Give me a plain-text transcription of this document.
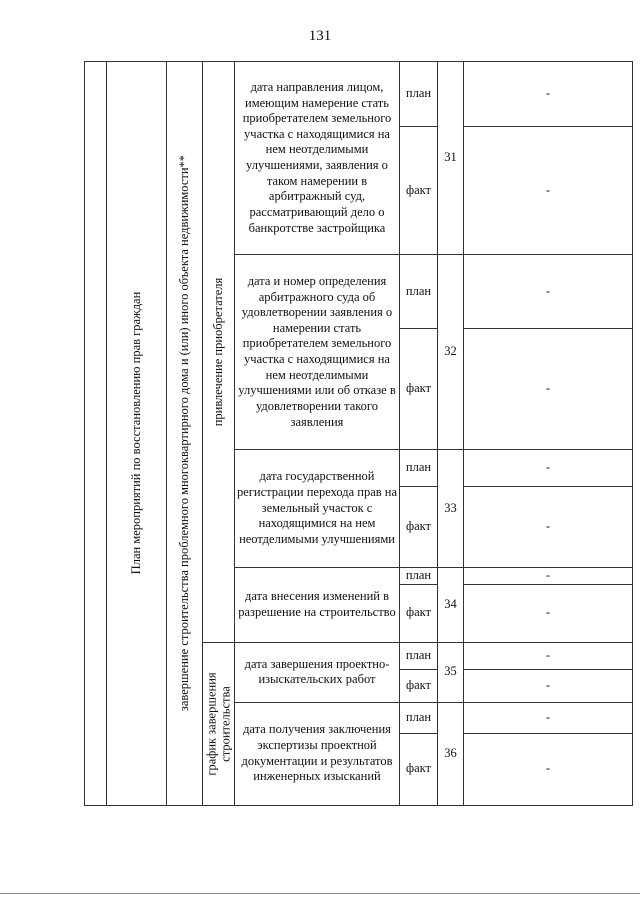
131

	План мероприятий по восстановлению прав граждан	завершение строительства проблемного многоквартирного дома и (или) иного объекта недвижимости**	привлечение приобретателя	дата направления лицом, имеющим намерение стать приобретателем земельного участка с находящимися на нем неотделимыми улучшениями, заявления о таком намерении в арбитражный суд, рассматривающий дело о банкротстве застройщика	план	31	-
					факт		-
				дата и номер определения арбитражного суда об удовлетворении заявления о намерении стать приобретателем земельного участка с находящимися на нем неотделимыми улучшениями или об отказе в удовлетворении такого заявления	план	32	-
					факт		-
				дата государственной регистрации перехода прав на земельный участок с находящимися на нем неотделимыми улучшениями	план	33	-
					факт		-
				дата внесения изменений в разрешение на строительство	план	34	-
					факт		-

			график завершения строительства	дата завершения проектно-изыскательских работ	план	35	-
					факт		-
				дата получения заключения экспертизы проектной документации и результатов инженерных изысканий	план	36	-
					факт		-
